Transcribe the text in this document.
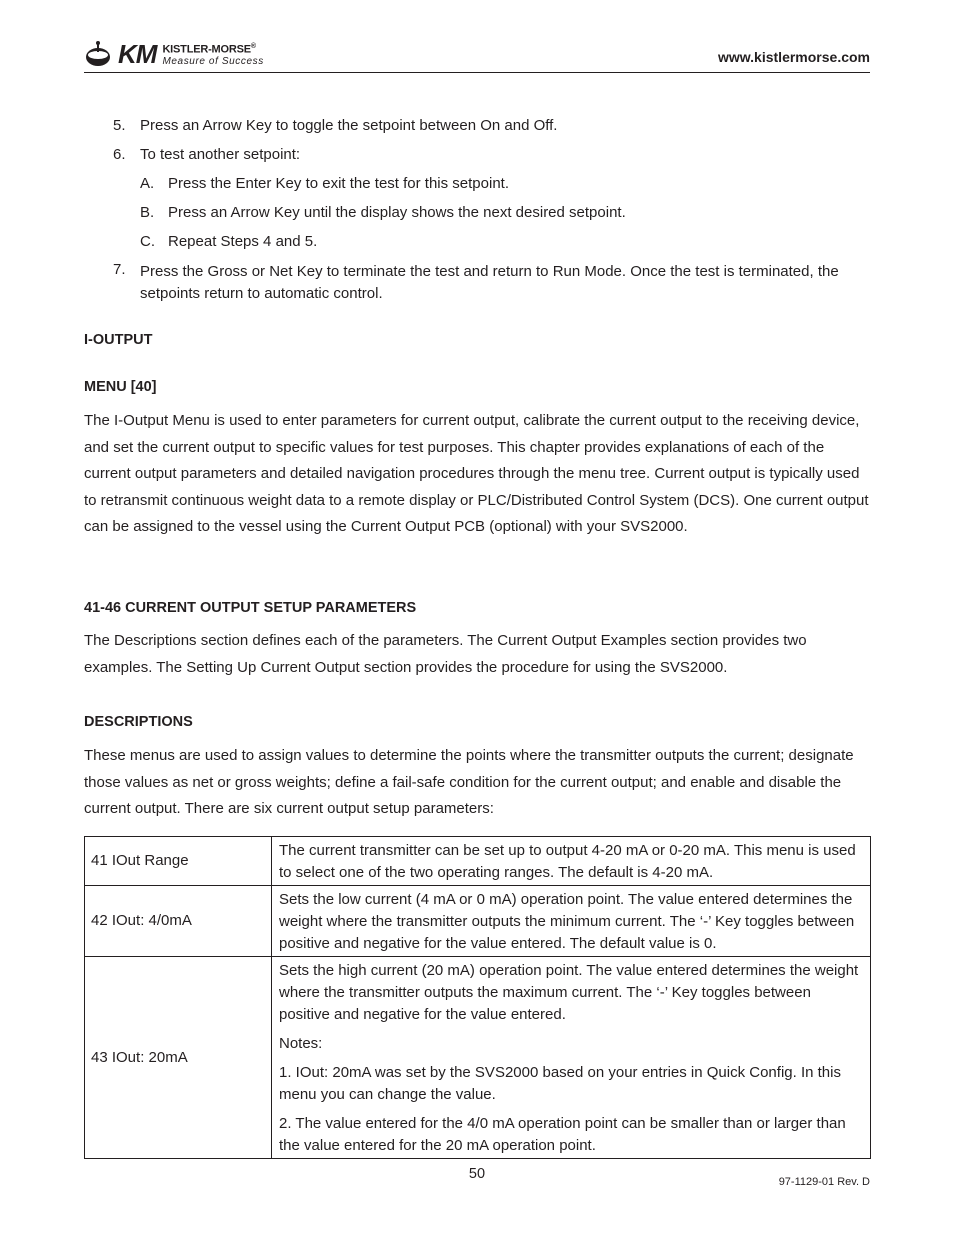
KM KISTLER-MORSE®
Measure of Success	www.kistlermorse.com
5. Press an Arrow Key to toggle the setpoint between On and Off.
6. To test another setpoint:
A. Press the Enter Key to exit the test for this setpoint.
B. Press an Arrow Key until the display shows the next desired setpoint.
C. Repeat Steps 4 and 5.
7. Press the Gross or Net Key to terminate the test and return to Run Mode. Once the test is terminated, the setpoints return to automatic control.
I-OUTPUT
MENU [40]
The I-Output Menu is used to enter parameters for current output, calibrate the current output to the receiving device, and set the current output to specific values for test purposes. This chapter provides explanations of each of the current output parameters and detailed navigation procedures through the menu tree. Current output is typically used to retransmit continuous weight data to a remote display or PLC/Distributed Control System (DCS). One current output can be assigned to the vessel using the Current Output PCB (optional) with your SVS2000.
41-46 CURRENT OUTPUT SETUP PARAMETERS
The Descriptions section defines each of the parameters. The Current Output Examples section provides two examples. The Setting Up Current Output section provides the procedure for using the SVS2000.
DESCRIPTIONS
These menus are used to assign values to determine the points where the transmitter outputs the current; designate those values as net or gross weights; define a fail-safe condition for the current output; and enable and disable the current output. There are six current output setup parameters:
41 IOut Range	The current transmitter can be set up to output 4-20 mA or 0-20 mA. This menu is used to select one of the two operating ranges. The default is 4-20 mA.

42 IOut: 4/0mA	Sets the low current (4 mA or 0 mA) operation point. The value entered determines the weight where the transmitter outputs the minimum current. The ‘-’ Key toggles between positive and negative for the value entered. The default value is 0.

43 IOut: 20mA	Sets the high current (20 mA) operation point. The value entered determines the weight where the transmitter outputs the maximum current. The ‘-’ Key toggles between positive and negative for the value entered.
Notes:
1. IOut: 20mA was set by the SVS2000 based on your entries in Quick Config. In this menu you can change the value.
2. The value entered for the 4/0 mA operation point can be smaller than or larger than the value entered for the 20 mA operation point.
50	97-1129-01 Rev. D
